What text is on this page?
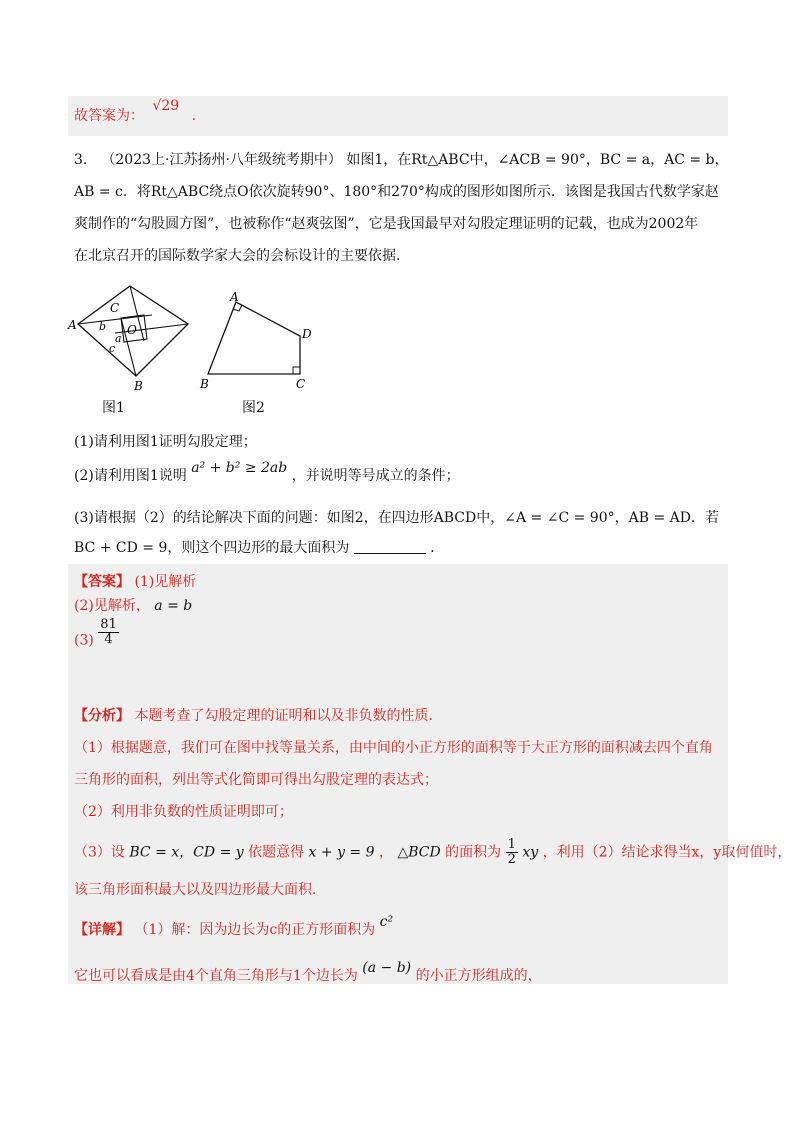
故答案为： √29 .
3． （2023上·江苏扬州·八年级统考期中） 如图1，在Rt△ABC中，∠ACB = 90°，BC = a，AC = b，
AB = c．将Rt△ABC绕点O依次旋转90°、180°和270°构成的图形如图所示．该图是我国古代数学家赵
爽制作的“勾股圆方图”，也被称作“赵爽弦图”，它是我国最早对勾股定理证明的记载，也成为2002年
在北京召开的国际数学家大会的会标设计的主要依据．
A
B
C
O
a
b
c
A
B	C
D
图1	图2
(1)请利用图1证明勾股定理；
(2)请利用图1说明 a² + b² ≥ 2ab ，并说明等号成立的条件；
(3)请根据（2）的结论解决下面的问题：如图2，在四边形ABCD中，∠A = ∠C = 90°，AB = AD．若
BC + CD = 9，则这个四边形的最大面积为	．
【答案】 (1)见解析
(2)见解析， a = b
$(3) \frac{81}{4}$
【分析】 本题考查了勾股定理的证明和以及非负数的性质．
（1）根据题意，我们可在图中找等量关系，由中间的小正方形的面积等于大正方形的面积减去四个直角
三角形的面积，列出等式化简即可得出勾股定理的表达式；
（2）利用非负数的性质证明即可；
（3）设 BC = x，CD = y 依题意得 x + y = 9 ， △BCD 的面积为 $\frac{1}{2}$ xy ，利用（2）结论求得当x，y取何值时，
该三角形面积最大以及四边形最大面积．
【详解】 （1）解：因为边长为c的正方形面积为 c²
它也可以看成是由4个直角三角形与1个边长为 (a − b) 的小正方形组成的，
